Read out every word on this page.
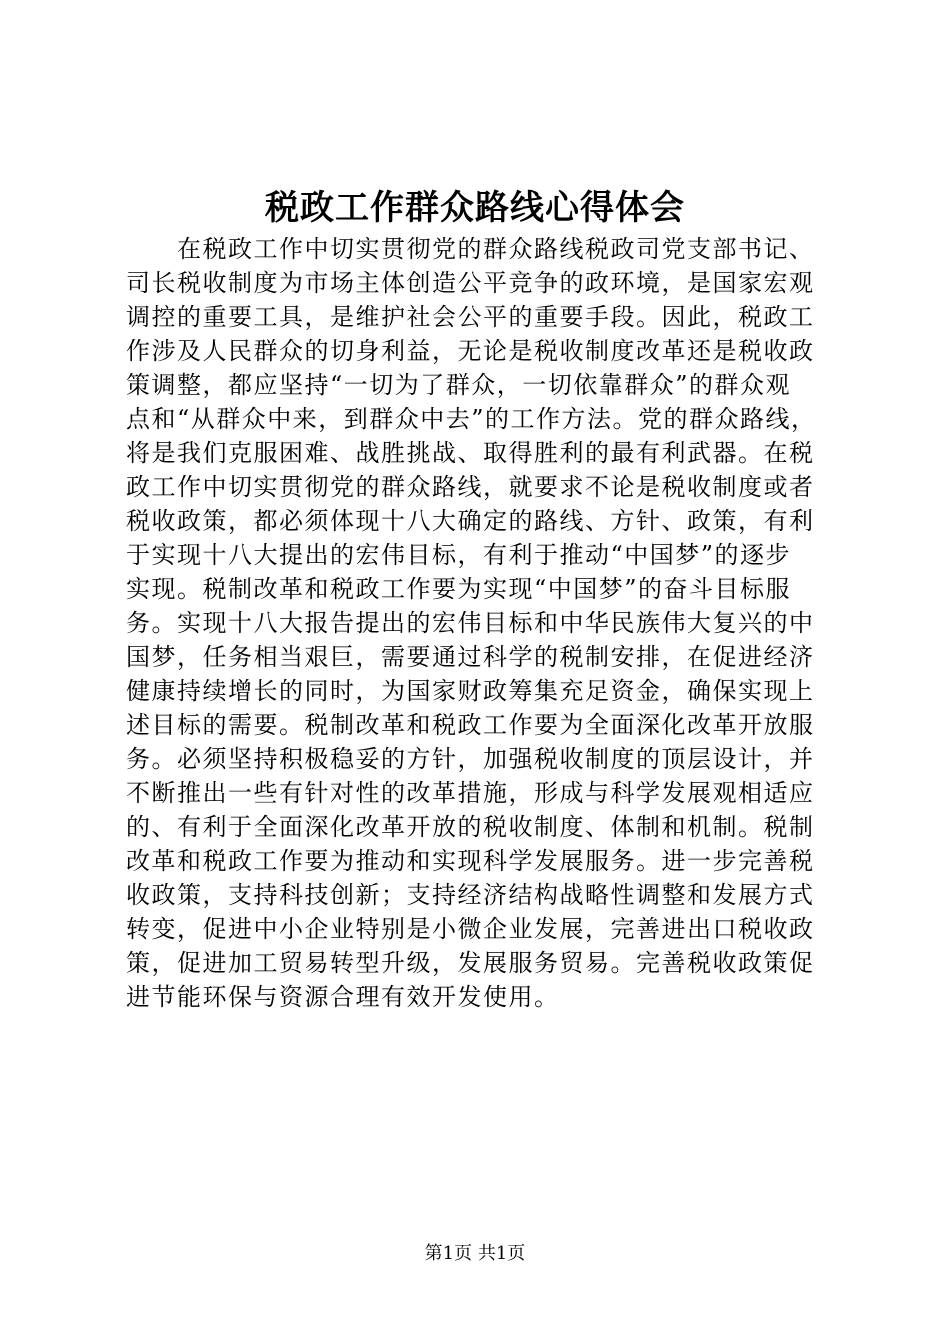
税政工作群众路线心得体会
　　在税政工作中切实贯彻党的群众路线税政司党支部书记、
司长税收制度为市场主体创造公平竞争的政环境，是国家宏观
调控的重要工具，是维护社会公平的重要手段。因此，税政工
作涉及人民群众的切身利益，无论是税收制度改革还是税收政
策调整，都应坚持“一切为了群众，一切依靠群众”的群众观
点和“从群众中来，到群众中去”的工作方法。党的群众路线，
将是我们克服困难、战胜挑战、取得胜利的最有利武器。在税
政工作中切实贯彻党的群众路线，就要求不论是税收制度或者
税收政策，都必须体现十八大确定的路线、方针、政策，有利
于实现十八大提出的宏伟目标，有利于推动“中国梦”的逐步
实现。税制改革和税政工作要为实现“中国梦”的奋斗目标服
务。实现十八大报告提出的宏伟目标和中华民族伟大复兴的中
国梦，任务相当艰巨，需要通过科学的税制安排，在促进经济
健康持续增长的同时，为国家财政筹集充足资金，确保实现上
述目标的需要。税制改革和税政工作要为全面深化改革开放服
务。必须坚持积极稳妥的方针，加强税收制度的顶层设计，并
不断推出一些有针对性的改革措施，形成与科学发展观相适应
的、有利于全面深化改革开放的税收制度、体制和机制。税制
改革和税政工作要为推动和实现科学发展服务。进一步完善税
收政策，支持科技创新；支持经济结构战略性调整和发展方式
转变，促进中小企业特别是小微企业发展，完善进出口税收政
策，促进加工贸易转型升级，发展服务贸易。完善税收政策促
进节能环保与资源合理有效开发使用。
第1页 共1页
